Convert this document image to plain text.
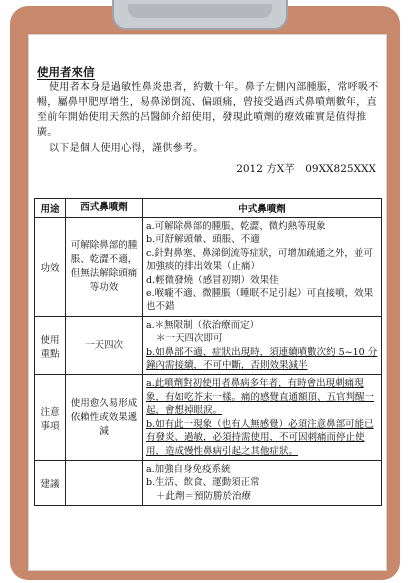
使用者來信
使用者本身是過敏性鼻炎患者，約數十年。鼻子左側內部腫脹，常呼吸不暢，屬鼻甲肥厚增生，易鼻涕倒流、偏頭痛，曾接受過西式鼻噴劑數年，直至前年開始使用天然的呂醫師介紹使用，發現此噴劑的療效確實是值得推廣。
以下是個人使用心得，謹供參考。
2012 方X芊　09XX825XXX
用途	西式鼻噴劑	中式鼻噴劑
功效	可解除鼻部的腫脹、乾澀不適，但無法解除頭痛等功效	a.可解除鼻部的腫脹、乾澀、微灼熱等現象
b.可舒解頭暈、頭脹、不適
c.針對鼻塞、鼻涕倒流等症狀，可增加疏通之外，並可加強痰的排出效果（止痛）
d.輕微發燒（感冒初期）效果佳
e.喉嚨不適、微腫脹（睡眠不足引起）可直接噴，效果也不錯

使用重點	一天四次	a.＊無限制（依治療而定）
＊一天四次即可
b.如鼻部不適、症狀出現時，須連續噴數次約 5~10 分鐘內需接續，不可中斷，否則效果減半

注意事項	使用愈久易形成依賴性或效果遞減	a.此噴劑對初使用者鼻病多年者，有時會出現刺痛現象，有如吃芥末一樣。痛的感覺直通額頂、五官判醒一起，會想掉眼淚。
b.如有此一現象（也有人無感覺）必須注意鼻部可能已有發炎、過敏，必須持需使用，不可因刺痛而停止使用，造成慢性鼻病引起之其他症狀。

建議		a.加強自身免疫系統
b.生活、飲食、運動須正常
＋此劑＝預防勝於治療
